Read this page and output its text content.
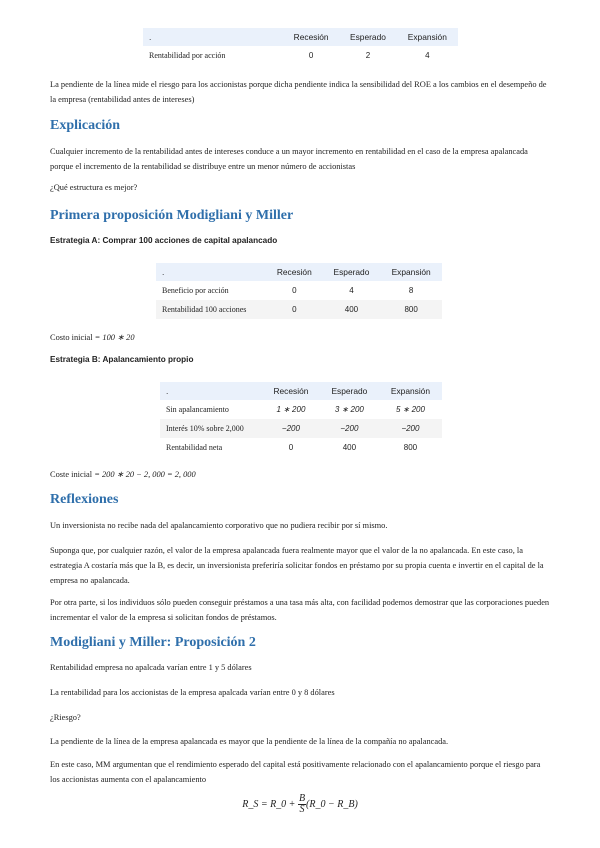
.	Recesión	Esperado	Expansión
Rentabilidad por acción	0	2	4

La pendiente de la línea mide el riesgo para los accionistas porque dicha pendiente indica la sensibilidad del ROE a los cambios en el desempeño de la empresa (rentabilidad antes de intereses)

Explicación

Cualquier incremento de la rentabilidad antes de intereses conduce a un mayor incremento en rentabilidad en el caso de la empresa apalancada porque el incremento de la rentabilidad se distribuye entre un menor número de accionistas

¿Qué estructura es mejor?

Primera proposición Modigliani y Miller
Estrategia A: Comprar 100 acciones de capital apalancado
.	Recesión	Esperado	Expansión
Beneficio por acción	0	4	8
Rentabilidad 100 acciones	0	400	800

Costo inicial = 100 ∗ 20

Estrategia B: Apalancamiento propio
.	Recesión	Esperado	Expansión
Sin apalancamiento	1 ∗ 200	3 ∗ 200	5 ∗ 200
Interés 10% sobre 2,000	−200	−200	−200
Rentabilidad neta	0	400	800

Coste inicial = 200 ∗ 20 − 2, 000 = 2, 000

Reflexiones

Un inversionista no recibe nada del apalancamiento corporativo que no pudiera recibir por sí mismo.

Suponga que, por cualquier razón, el valor de la empresa apalancada fuera realmente mayor que el valor de la no apalancada. En este caso, la estrategia A costaría más que la B, es decir, un inversionista preferiría solicitar fondos en préstamo por su propia cuenta e invertir en el capital de la empresa no apalancada.

Por otra parte, si los individuos sólo pueden conseguir préstamos a una tasa más alta, con facilidad podemos demostrar que las corporaciones pueden incrementar el valor de la empresa si solicitan fondos de préstamos.

Modigliani y Miller: Proposición 2

Rentabilidad empresa no apalcada varían entre 1 y 5 dólares

La rentabilidad para los accionistas de la empresa apalcada varían entre 0 y 8 dólares

¿Riesgo?

La pendiente de la línea de la empresa apalancada es mayor que la pendiente de la línea de la compañía no apalancada.

En este caso, MM argumentan que el rendimiento esperado del capital está positivamente relacionado con el apalancamiento porque el riesgo para los accionistas aumenta con el apalancamiento

R_S = R_0 + $\frac{B}{S}$ (R_0 − R_B)
